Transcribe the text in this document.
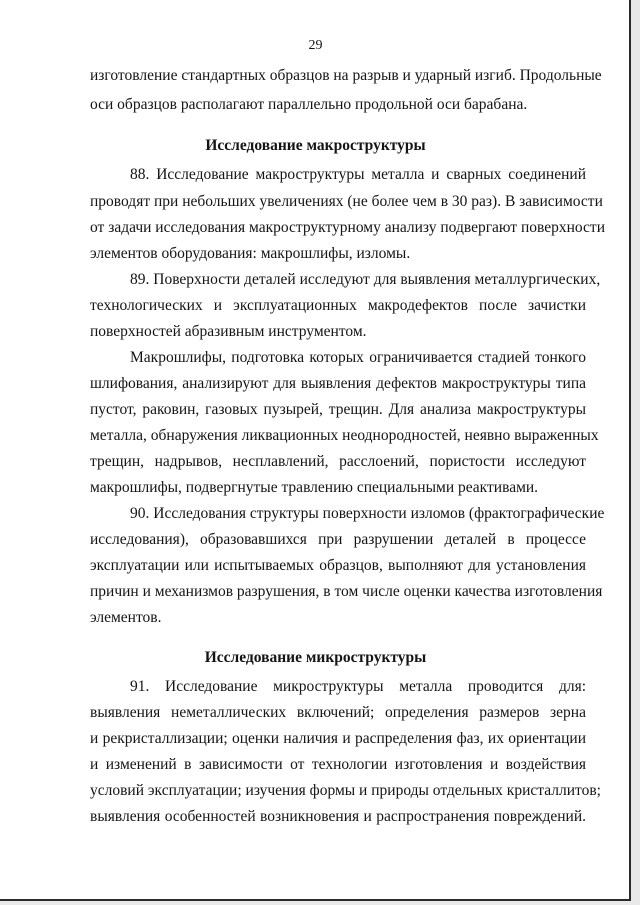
29

изготовление стандартных образцов на разрыв и ударный изгиб. Продольные

оси образцов располагают параллельно продольной оси барабана.

Исследование макроструктуры

88. Исследование макроструктуры металла и сварных соединений

проводят при небольших увеличениях (не более чем в 30 раз). В зависимости

от задачи исследования макроструктурному анализу подвергают поверхности

элементов оборудования: макрошлифы, изломы.

89. Поверхности деталей исследуют для выявления металлургических,

технологических и эксплуатационных макродефектов после зачистки

поверхностей абразивным инструментом.

Макрошлифы, подготовка которых ограничивается стадией тонкого

шлифования, анализируют для выявления дефектов макроструктуры типа

пустот, раковин, газовых пузырей, трещин. Для анализа макроструктуры

металла, обнаружения ликвационных неоднородностей, неявно выраженных

трещин, надрывов, несплавлений, расслоений, пористости исследуют

макрошлифы, подвергнутые травлению специальными реактивами.

90. Исследования структуры поверхности изломов (фрактографические

исследования), образовавшихся при разрушении деталей в процессе

эксплуатации или испытываемых образцов, выполняют для установления

причин и механизмов разрушения, в том числе оценки качества изготовления

элементов.

Исследование микроструктуры

91. Исследование микроструктуры металла проводится для:

выявления неметаллических включений; определения размеров зерна

и рекристаллизации; оценки наличия и распределения фаз, их ориентации

и изменений в зависимости от технологии изготовления и воздействия

условий эксплуатации; изучения формы и природы отдельных кристаллитов;

выявления особенностей возникновения и распространения повреждений.
